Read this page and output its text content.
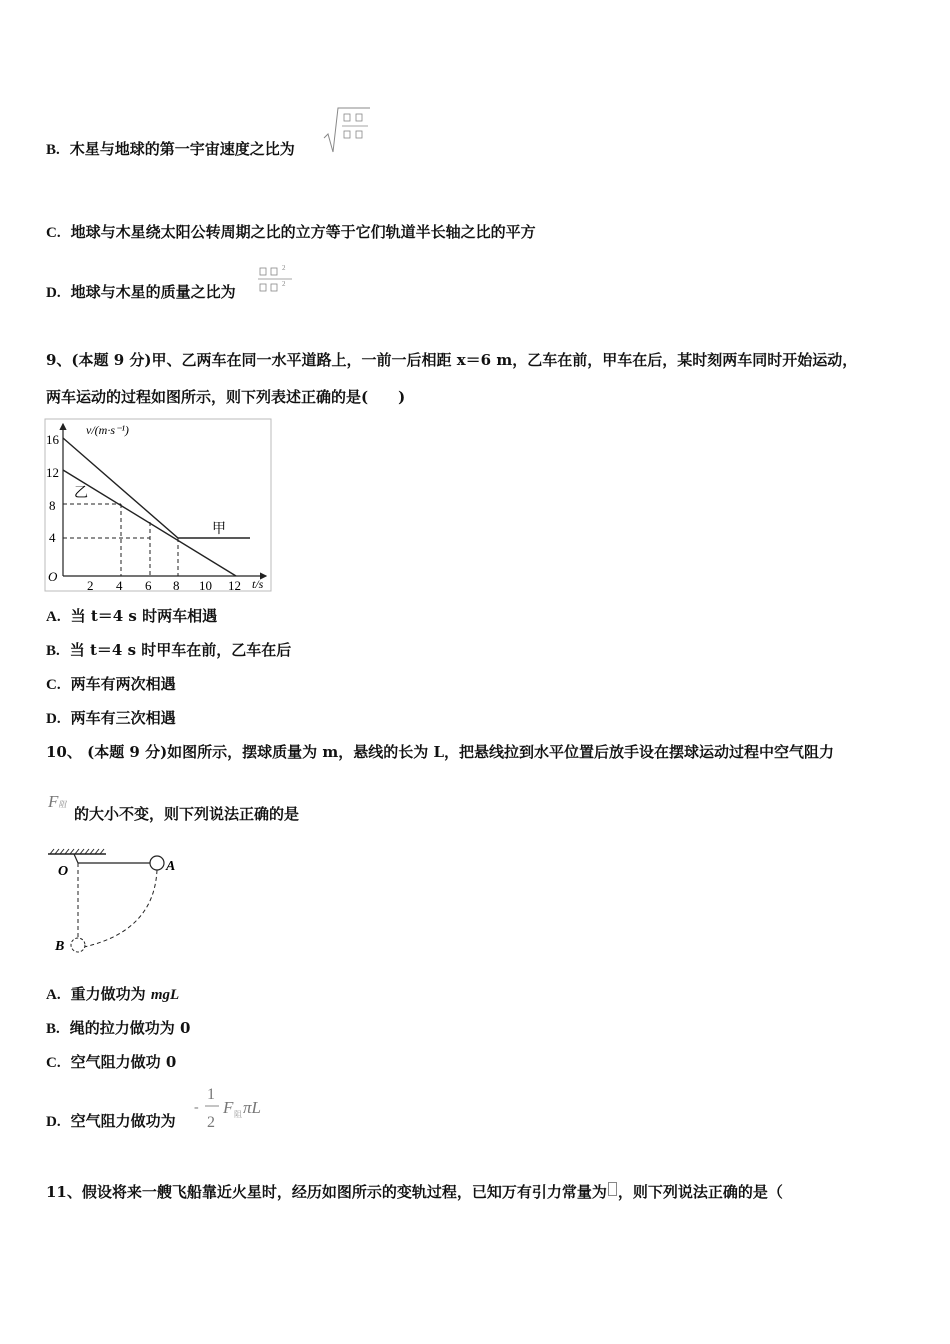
B. 木星与地球的第一宇宙速度之比为
C. 地球与木星绕太阳公转周期之比的立方等于它们轨道半长轴之比的平方
D. 地球与木星的质量之比为
2
2
9、(本题 9 分)甲、乙两车在同一水平道路上，一前一后相距 x＝6 m，乙车在前，甲车在后，某时刻两车同时开始运动，
两车运动的过程如图所示，则下列表述正确的是(　　)
v/(m·s⁻¹)
t/s
O
16
12
8
4
2 4 6 8 10 12
甲
乙
A. 当 t＝4 s 时两车相遇
B. 当 t＝4 s 时甲车在前，乙车在后
C. 两车有两次相遇
D. 两车有三次相遇
10、 (本题 9 分)如图所示，摆球质量为 m，悬线的长为 L，把悬线拉到水平位置后放手设在摆球运动过程中空气阻力
F阻
的大小不变，则下列说法正确的是
O	A
B
A. 重力做功为 mgL
B. 绳的拉力做功为 0
C. 空气阻力做功 0
D. 空气阻力做功为
-
1
2
F 阻 πL
11、假设将来一艘飞船靠近火星时，经历如图所示的变轨过程，已知万有引力常量为 ，则下列说法正确的是（
